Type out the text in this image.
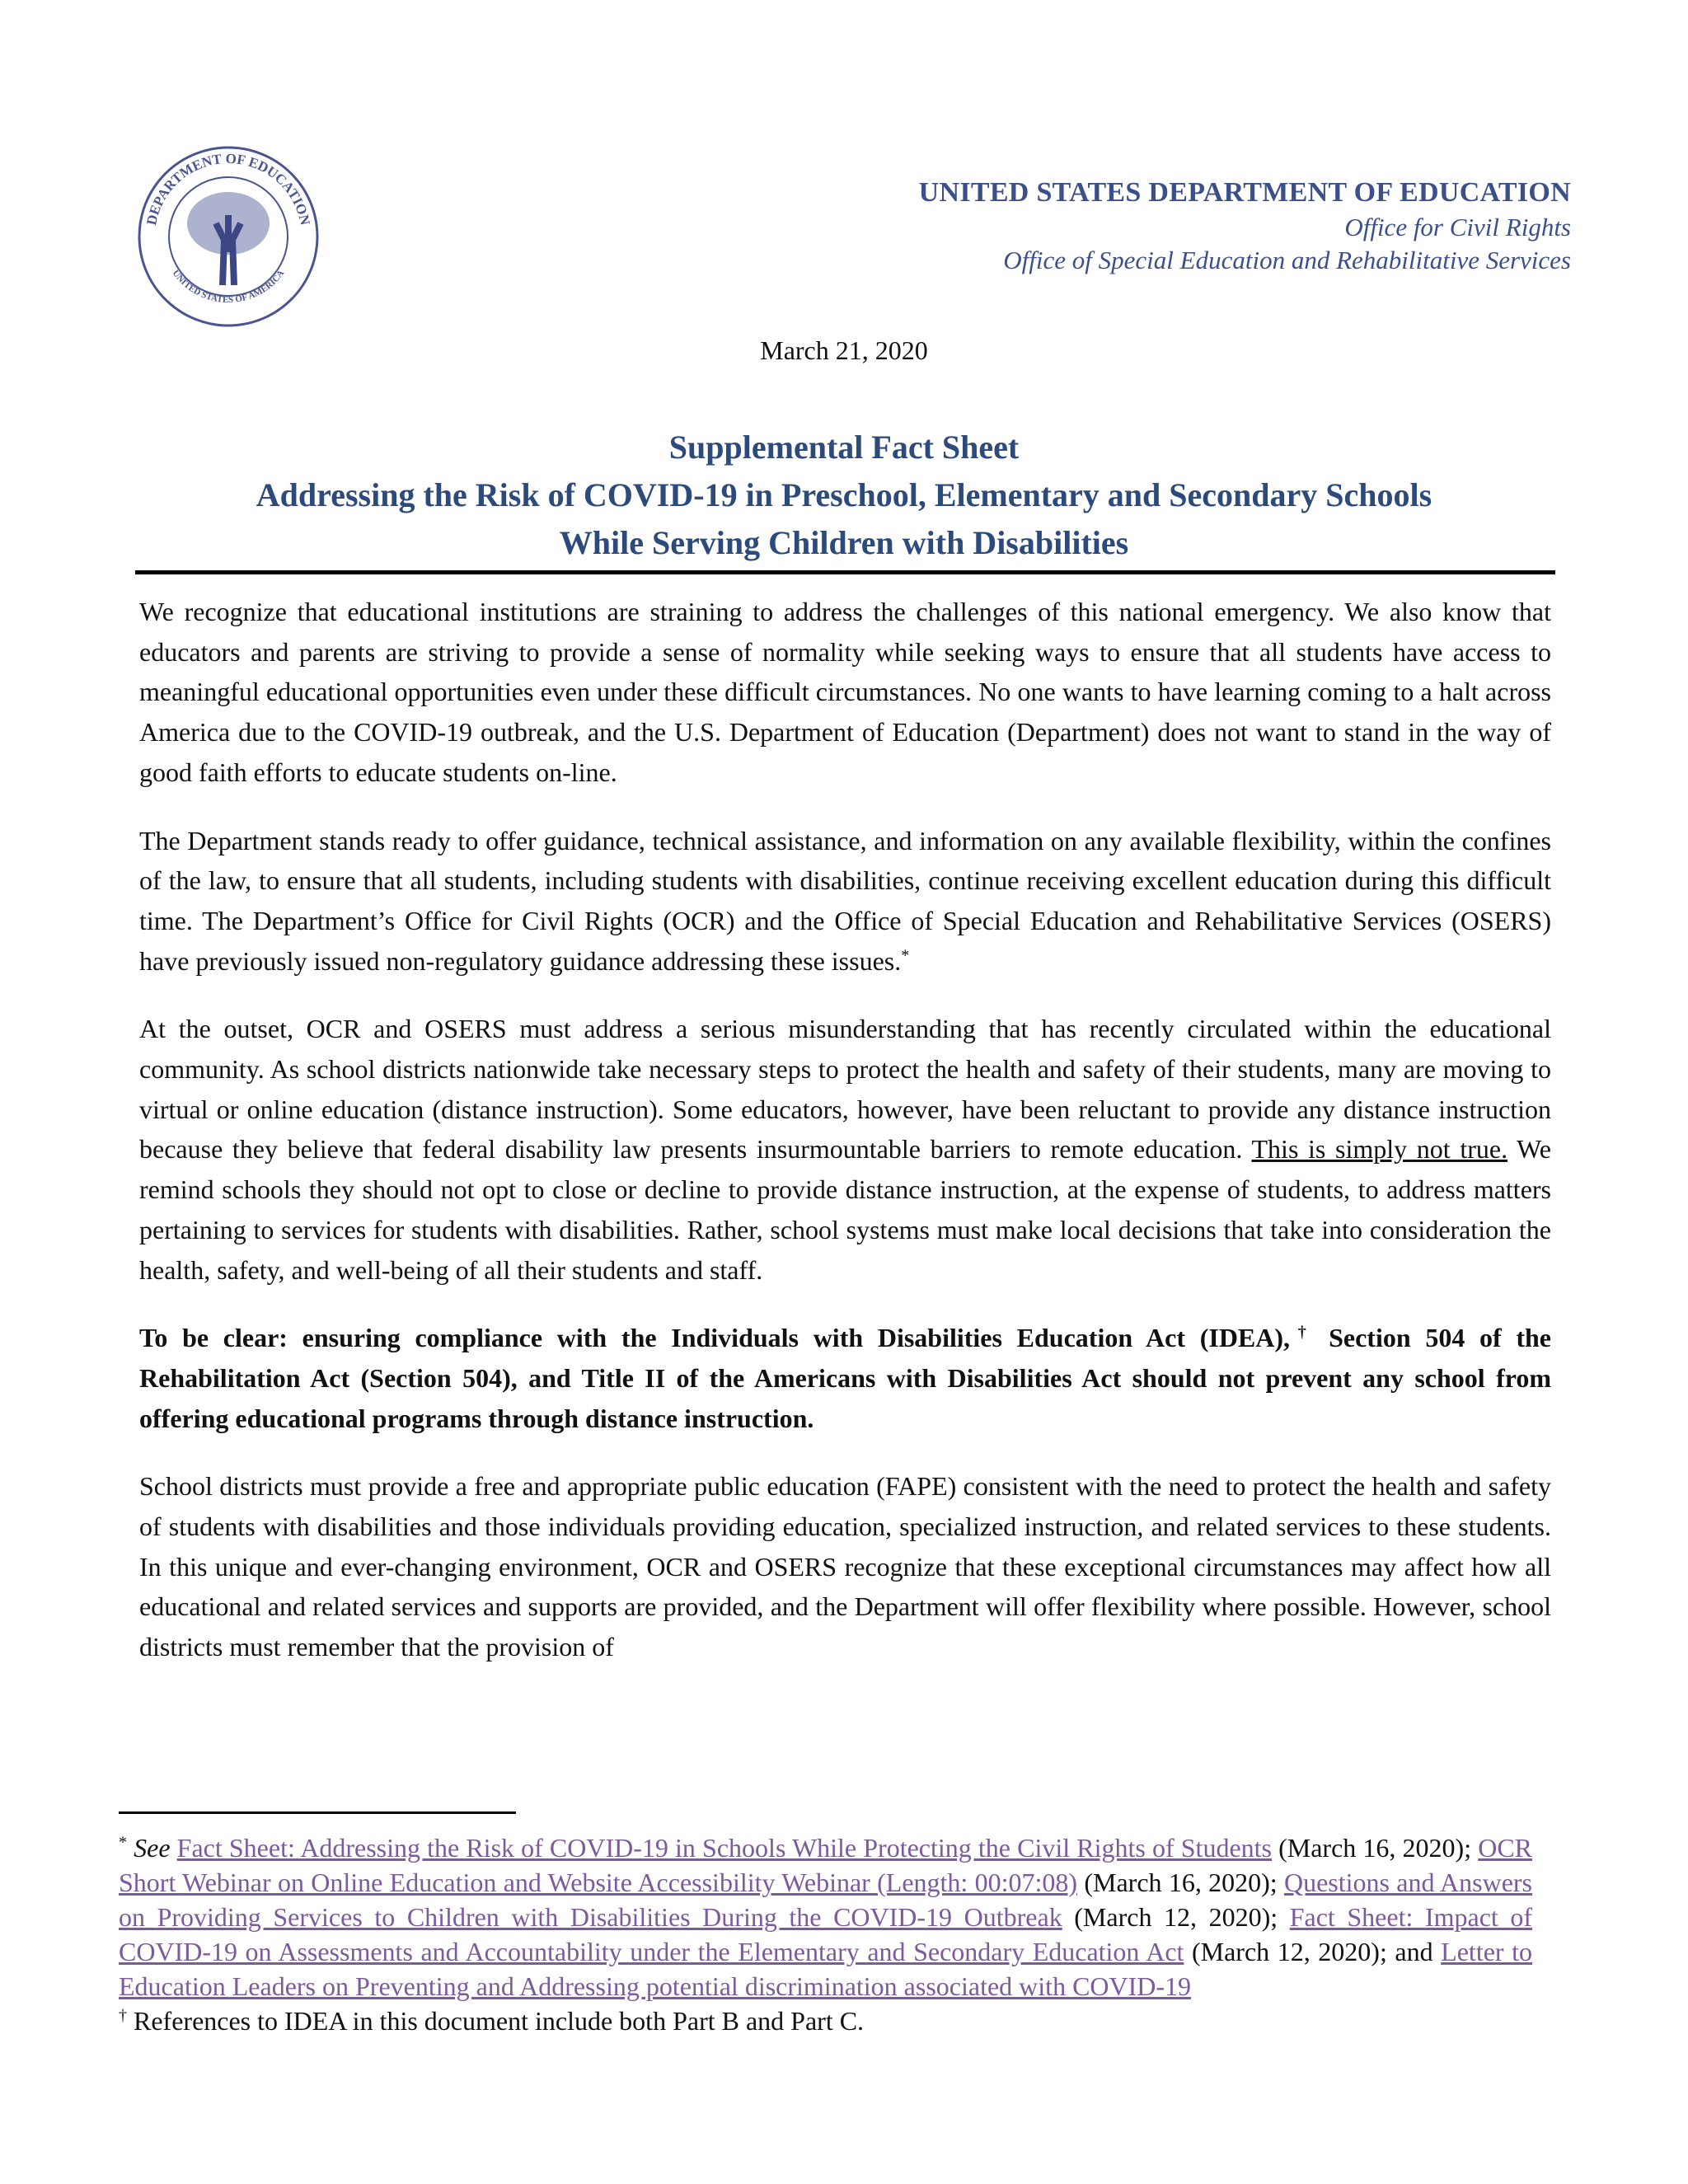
DEPARTMENT OF EDUCATION
UNITED STATES OF AMERICA
UNITED STATES DEPARTMENT OF EDUCATION
Office for Civil Rights
Office of Special Education and Rehabilitative Services
March 21, 2020
Supplemental Fact Sheet
Addressing the Risk of COVID-19 in Preschool, Elementary and Secondary Schools
While Serving Children with Disabilities

We recognize that educational institutions are straining to address the challenges of this national emergency. We also know that educators and parents are striving to provide a sense of normality while seeking ways to ensure that all students have access to meaningful educational opportunities even under these difficult circumstances. No one wants to have learning coming to a halt across America due to the COVID-19 outbreak, and the U.S. Department of Education (Department) does not want to stand in the way of good faith efforts to educate students on-line.

The Department stands ready to offer guidance, technical assistance, and information on any available flexibility, within the confines of the law, to ensure that all students, including students with disabilities, continue receiving excellent education during this difficult time. The Department’s Office for Civil Rights (OCR) and the Office of Special Education and Rehabilitative Services (OSERS) have previously issued non-regulatory guidance addressing these issues.*

At the outset, OCR and OSERS must address a serious misunderstanding that has recently circulated within the educational community. As school districts nationwide take necessary steps to protect the health and safety of their students, many are moving to virtual or online education (distance instruction). Some educators, however, have been reluctant to provide any distance instruction because they believe that federal disability law presents insurmountable barriers to remote education. This is simply not true. We remind schools they should not opt to close or decline to provide distance instruction, at the expense of students, to address matters pertaining to services for students with disabilities. Rather, school systems must make local decisions that take into consideration the health, safety, and well-being of all their students and staff.

To be clear: ensuring compliance with the Individuals with Disabilities Education Act (IDEA),† Section 504 of the Rehabilitation Act (Section 504), and Title II of the Americans with Disabilities Act should not prevent any school from offering educational programs through distance instruction.

School districts must provide a free and appropriate public education (FAPE) consistent with the need to protect the health and safety of students with disabilities and those individuals providing education, specialized instruction, and related services to these students. In this unique and ever-changing environment, OCR and OSERS recognize that these exceptional circumstances may affect how all educational and related services and supports are provided, and the Department will offer flexibility where possible. However, school districts must remember that the provision of

* See Fact Sheet: Addressing the Risk of COVID-19 in Schools While Protecting the Civil Rights of Students (March 16, 2020); OCR Short Webinar on Online Education and Website Accessibility Webinar (Length: 00:07:08) (March 16, 2020); Questions and Answers on Providing Services to Children with Disabilities During the COVID-19 Outbreak (March 12, 2020); Fact Sheet: Impact of COVID-19 on Assessments and Accountability under the Elementary and Secondary Education Act (March 12, 2020); and Letter to Education Leaders on Preventing and Addressing potential discrimination associated with COVID-19

† References to IDEA in this document include both Part B and Part C.
